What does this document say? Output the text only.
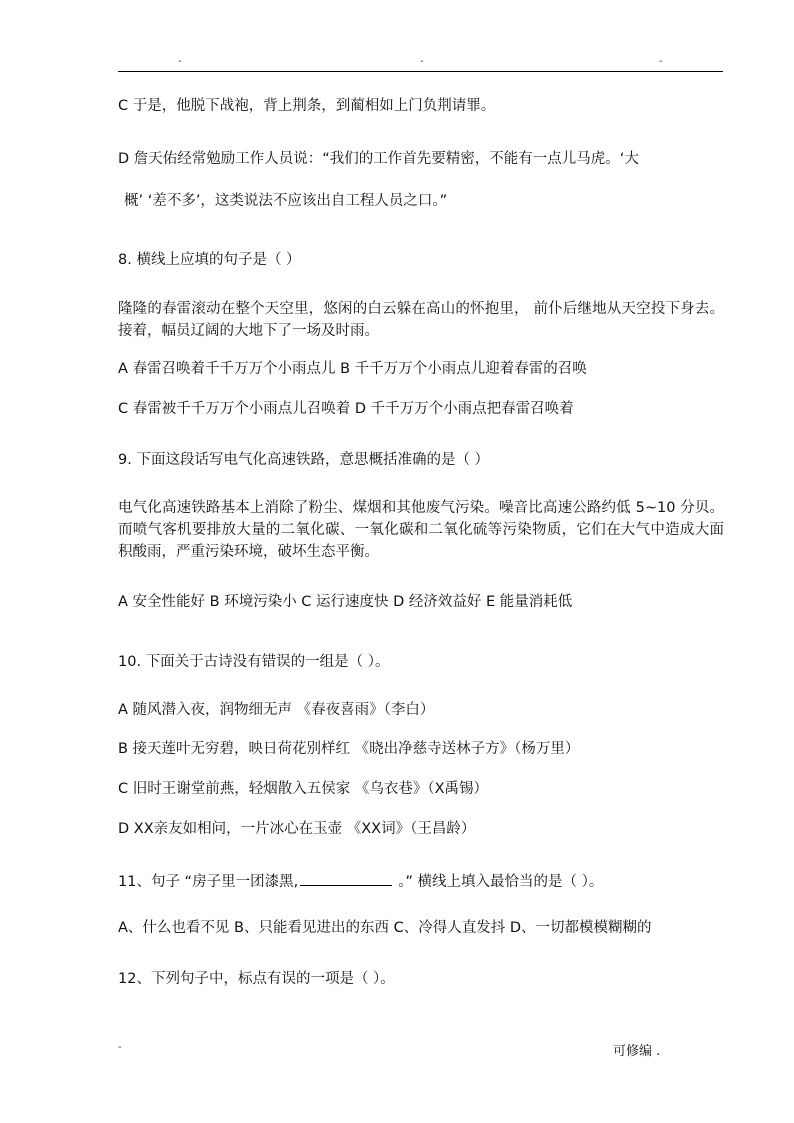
-	-	-
C 于是，他脱下战袍，背上荆条，到蔺相如上门负荆请罪。
D 詹天佑经常勉励工作人员说：“我们的工作首先要精密，不能有一点儿马虎。‘大
概’ ‘差不多’，这类说法不应该出自工程人员之口。”
8. 横线上应填的句子是（ ）
隆隆的春雷滚动在整个天空里，悠闲的白云躲在高山的怀抱里， 前仆后继地从天空投下身去。接着，幅员辽阔的大地下了一场及时雨。
A 春雷召唤着千千万万个小雨点儿 B 千千万万个小雨点儿迎着春雷的召唤
C 春雷被千千万万个小雨点儿召唤着 D 千千万万个小雨点把春雷召唤着
9. 下面这段话写电气化高速铁路，意思概括准确的是（ ）
电气化高速铁路基本上消除了粉尘、煤烟和其他废气污染。噪音比高速公路约低 5~10 分贝。而喷气客机要排放大量的二氧化碳、一氧化碳和二氧化硫等污染物质，它们在大气中造成大面积酸雨，严重污染环境，破坏生态平衡。
A 安全性能好 B 环境污染小 C 运行速度快 D 经济效益好 E 能量消耗低
10. 下面关于古诗没有错误的一组是（ ）。
A 随风潜入夜，润物细无声 《春夜喜雨》（李白）
B 接天莲叶无穷碧，映日荷花别样红 《晓出净慈寺送林子方》（杨万里）
C 旧时王谢堂前燕，轻烟散入五侯家 《乌衣巷》（X禹锡）
D XX亲友如相问，一片冰心在玉壶 《XX词》（王昌龄）
11、句子 “房子里一团漆黑,	。” 横线上填入最恰当的是（ ）。
A、什么也看不见 B、只能看见进出的东西 C、冷得人直发抖 D、一切都模模糊糊的
12、下列句子中，标点有误的一项是（ ）。
-	可修编 .
